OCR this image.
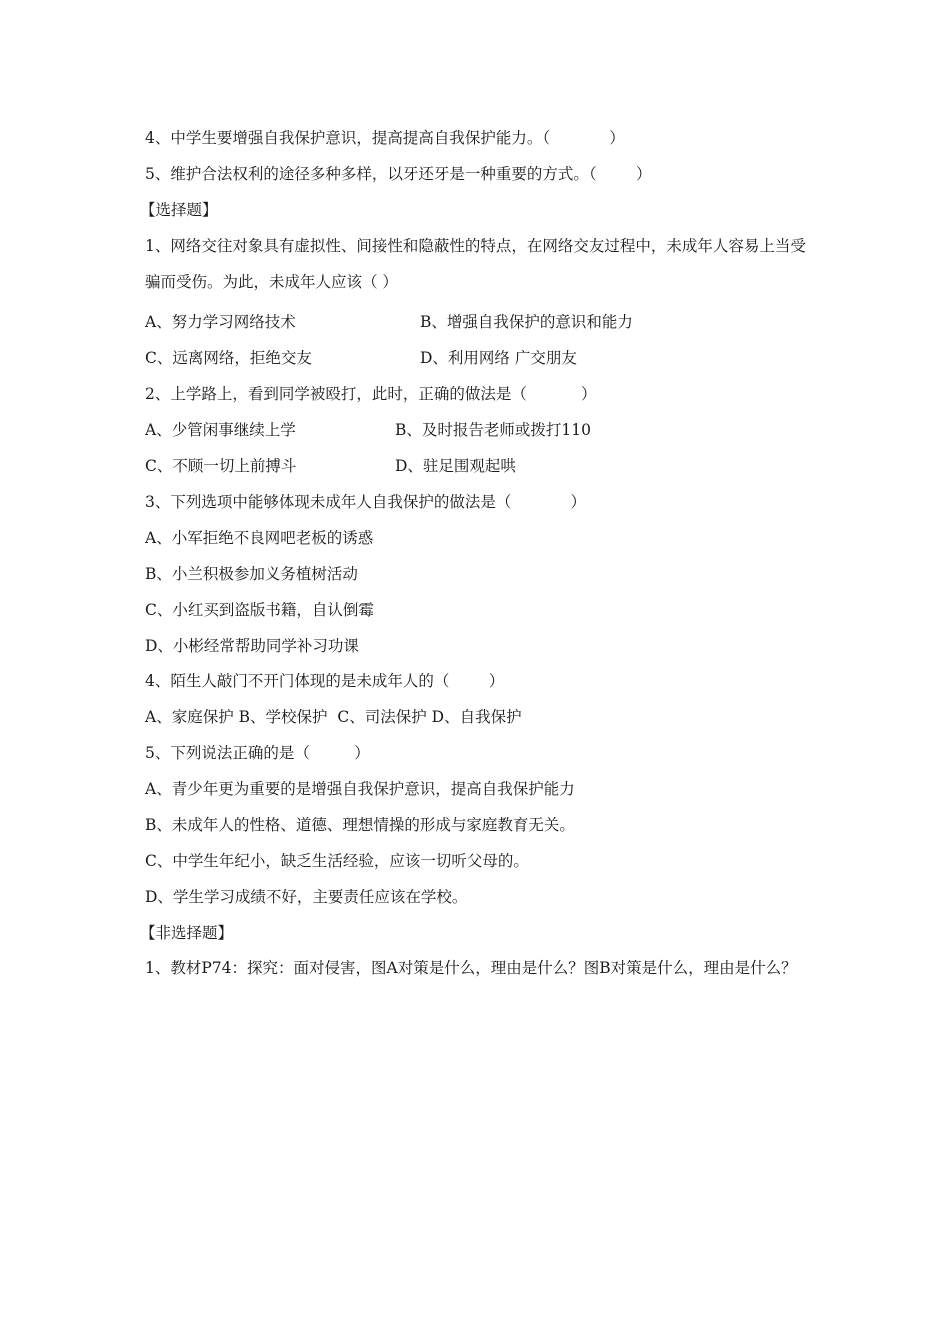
4、中学生要增强自我保护意识，提高提高自我保护能力。（            ）
5、维护合法权利的途径多种多样，以牙还牙是一种重要的方式。（        ）
【选择题】
1、网络交往对象具有虚拟性、间接性和隐蔽性的特点，在网络交友过程中，未成年人容易上当受骗而受伤。为此，未成年人应该（ ）
A、努力学习网络技术	B、增强自我保护的意识和能力
C、远离网络，拒绝交友	D、利用网络 广交朋友
2、上学路上，看到同学被殴打，此时，正确的做法是（           ）
A、少管闲事继续上学	B、及时报告老师或拨打110
C、不顾一切上前搏斗	D、驻足围观起哄
3、下列选项中能够体现未成年人自我保护的做法是（            ）
A、小军拒绝不良网吧老板的诱惑
B、小兰积极参加义务植树活动
C、小红买到盗版书籍，自认倒霉
D、小彬经常帮助同学补习功课
4、陌生人敲门不开门体现的是未成年人的（        ）
A、家庭保护 B、学校保护  C、司法保护 D、自我保护
5、下列说法正确的是（         ）
A、青少年更为重要的是增强自我保护意识，提高自我保护能力
B、未成年人的性格、道德、理想情操的形成与家庭教育无关。
C、中学生年纪小，缺乏生活经验，应该一切听父母的。
D、学生学习成绩不好，主要责任应该在学校。
【非选择题】
1、教材P74：探究：面对侵害，图A对策是什么，理由是什么？图B对策是什么，理由是什么？
